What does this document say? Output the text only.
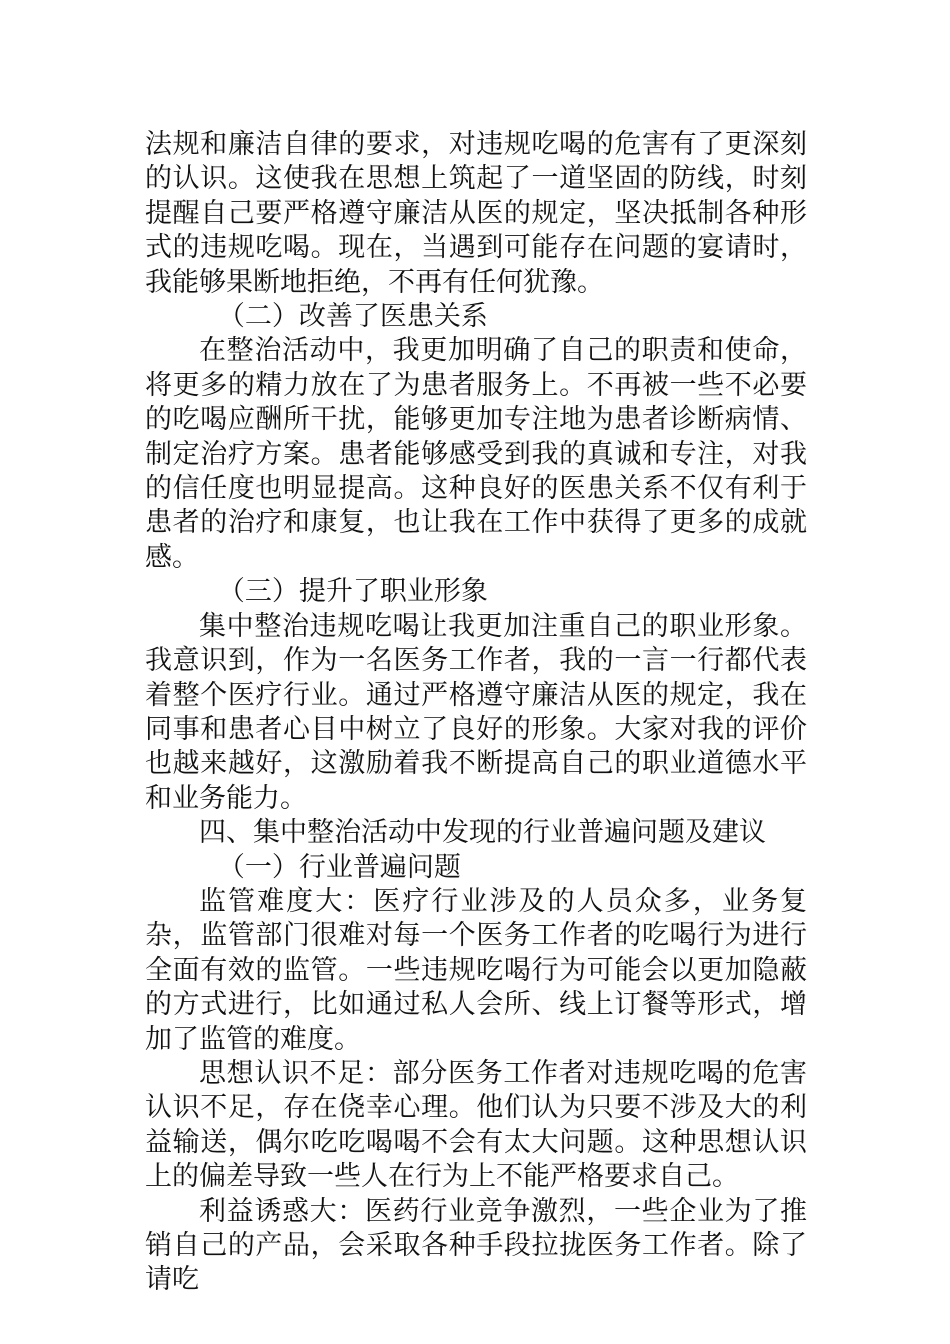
法规和廉洁自律的要求，对违规吃喝的危害有了更深刻的认识。这使我在思想上筑起了一道坚固的防线，时刻提醒自己要严格遵守廉洁从医的规定，坚决抵制各种形式的违规吃喝。现在，当遇到可能存在问题的宴请时，我能够果断地拒绝，不再有任何犹豫。

（二）改善了医患关系

在整治活动中，我更加明确了自己的职责和使命，将更多的精力放在了为患者服务上。不再被一些不必要的吃喝应酬所干扰，能够更加专注地为患者诊断病情、制定治疗方案。患者能够感受到我的真诚和专注，对我的信任度也明显提高。这种良好的医患关系不仅有利于患者的治疗和康复，也让我在工作中获得了更多的成就感。

（三）提升了职业形象

集中整治违规吃喝让我更加注重自己的职业形象。我意识到，作为一名医务工作者，我的一言一行都代表着整个医疗行业。通过严格遵守廉洁从医的规定，我在同事和患者心目中树立了良好的形象。大家对我的评价也越来越好，这激励着我不断提高自己的职业道德水平和业务能力。

四、集中整治活动中发现的行业普遍问题及建议

（一）行业普遍问题

监管难度大：医疗行业涉及的人员众多，业务复杂，监管部门很难对每一个医务工作者的吃喝行为进行全面有效的监管。一些违规吃喝行为可能会以更加隐蔽的方式进行，比如通过私人会所、线上订餐等形式，增加了监管的难度。

思想认识不足：部分医务工作者对违规吃喝的危害认识不足，存在侥幸心理。他们认为只要不涉及大的利益输送，偶尔吃吃喝喝不会有太大问题。这种思想认识上的偏差导致一些人在行为上不能严格要求自己。

利益诱惑大：医药行业竞争激烈，一些企业为了推销自己的产品，会采取各种手段拉拢医务工作者。除了请吃
